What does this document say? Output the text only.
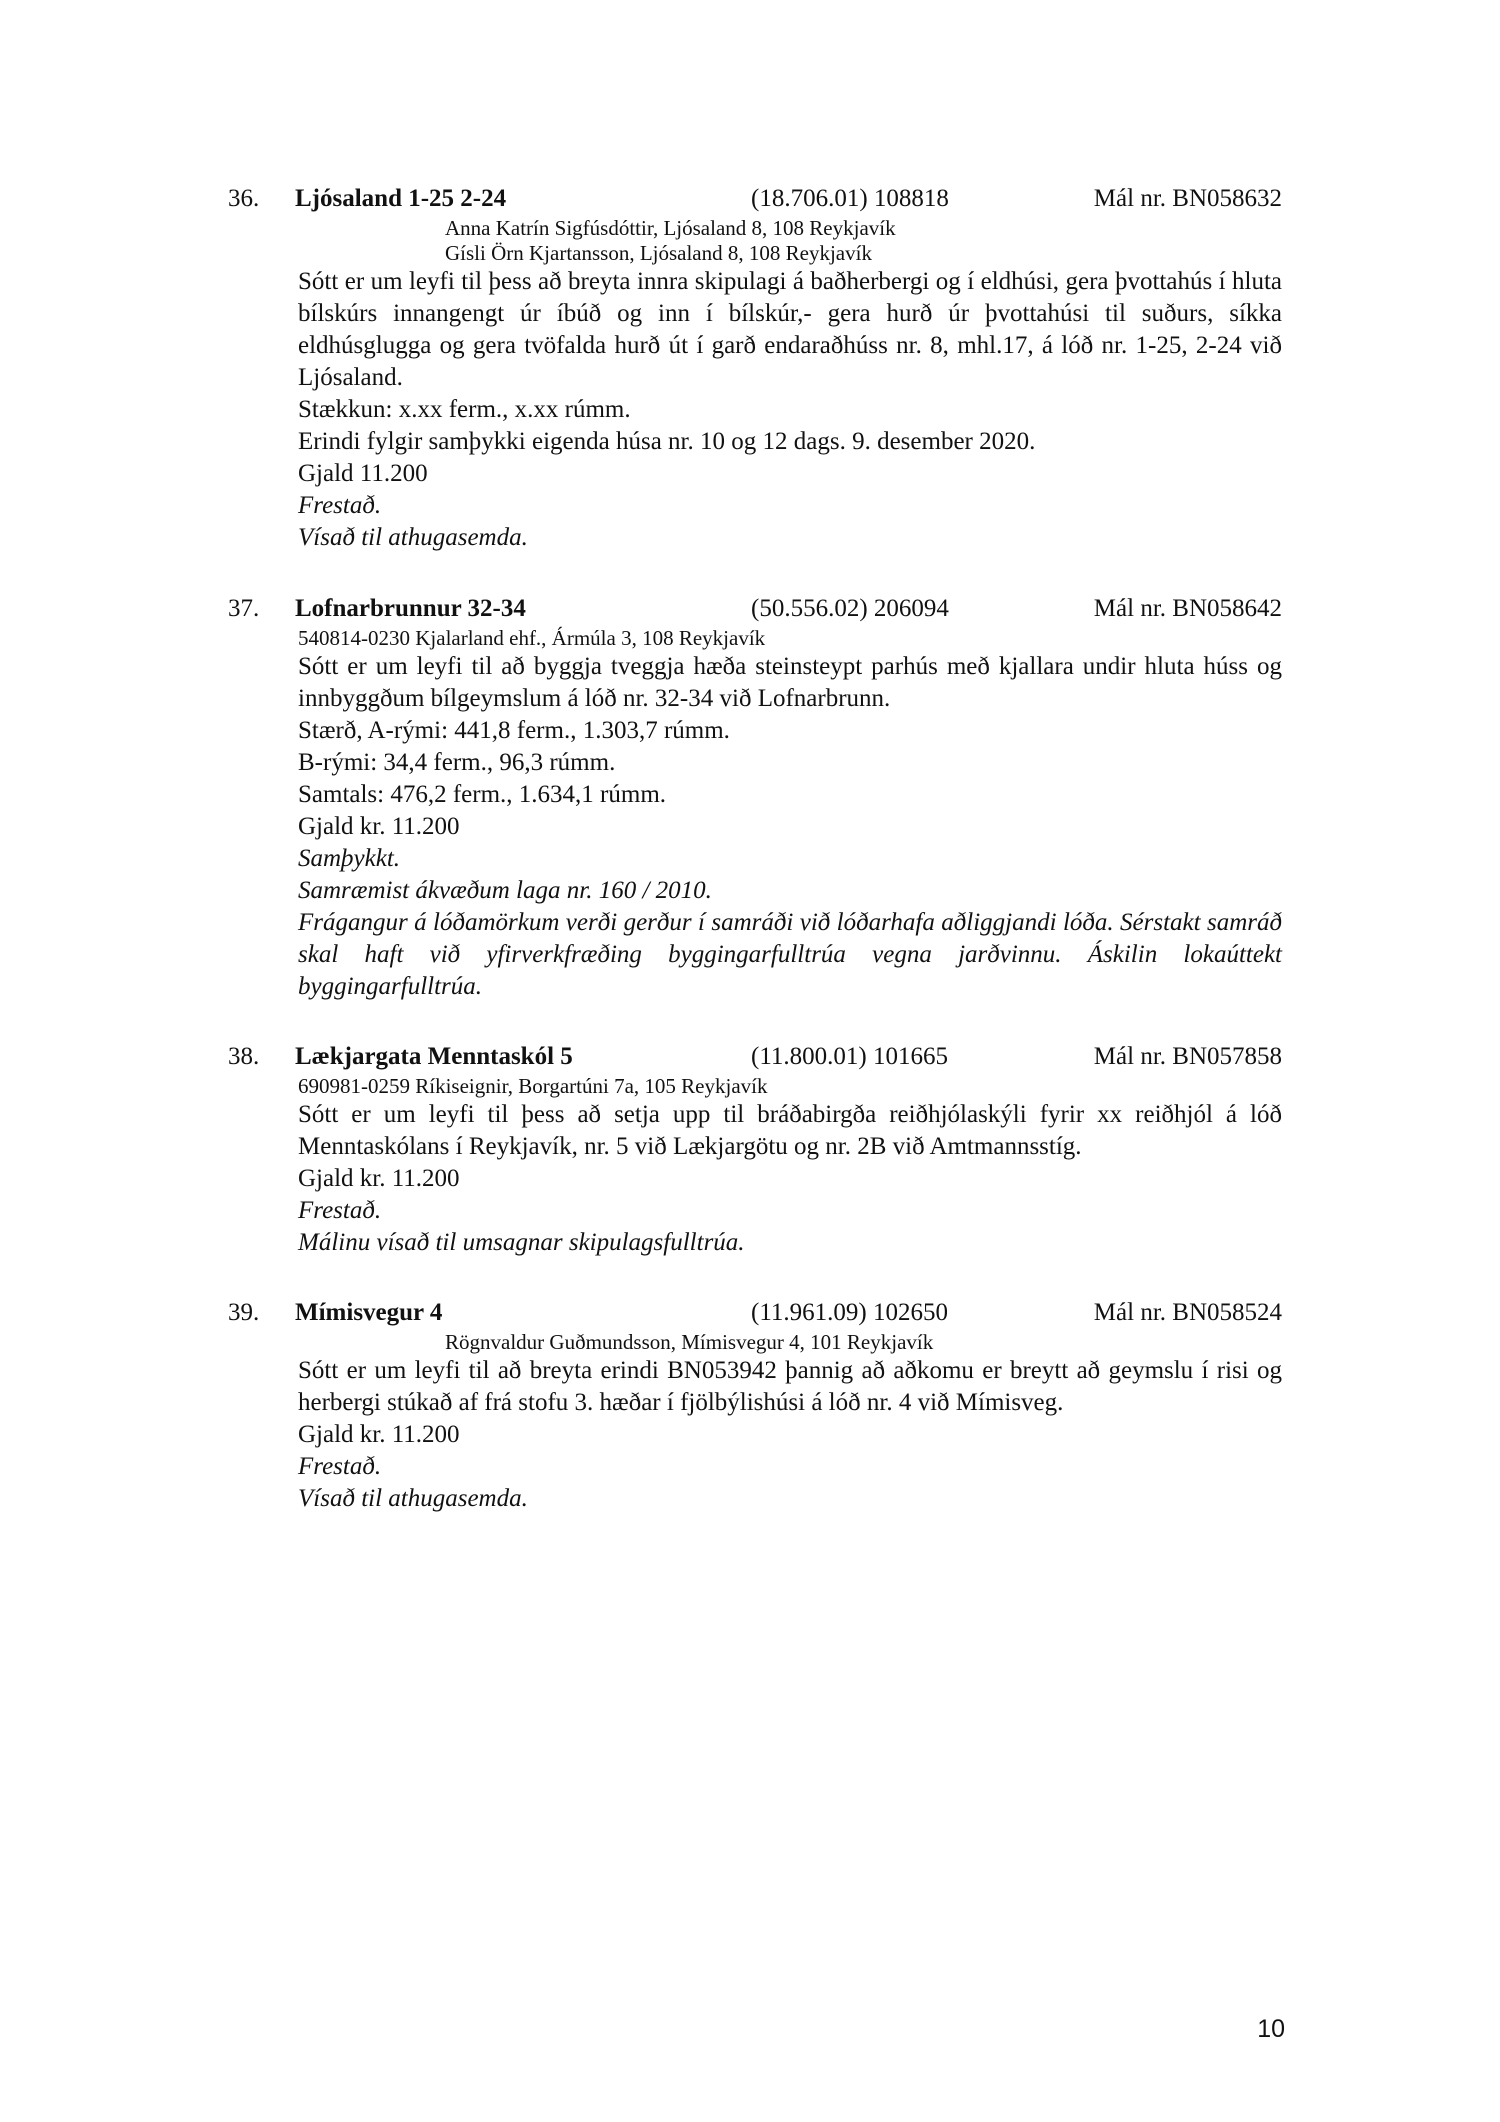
36. Ljósaland 1-25 2-24	(18.706.01) 108818	Mál nr. BN058632
Anna Katrín Sigfúsdóttir, Ljósaland 8, 108 Reykjavík
Gísli Örn Kjartansson, Ljósaland 8, 108 Reykjavík
Sótt er um leyfi til þess að breyta innra skipulagi á baðherbergi og í eldhúsi, gera þvottahús í hluta bílskúrs innangengt úr íbúð og inn í bílskúr,- gera hurð úr þvottahúsi til suðurs, síkka eldhúsglugga og gera tvöfalda hurð út í garð endaraðhúss nr. 8, mhl.17, á lóð nr. 1-25, 2-24 við Ljósaland.
Stækkun: x.xx ferm., x.xx rúmm.
Erindi fylgir samþykki eigenda húsa nr. 10 og 12 dags. 9. desember 2020.
Gjald 11.200
Frestað.
Vísað til athugasemda.
37. Lofnarbrunnur 32-34	(50.556.02) 206094	Mál nr. BN058642
540814-0230 Kjalarland ehf., Ármúla 3, 108 Reykjavík
Sótt er um leyfi til að byggja tveggja hæða steinsteypt parhús með kjallara undir hluta húss og innbyggðum bílgeymslum á lóð nr. 32-34 við Lofnarbrunn.
Stærð, A-rými: 441,8 ferm., 1.303,7 rúmm.
B-rými: 34,4 ferm., 96,3 rúmm.
Samtals: 476,2 ferm., 1.634,1 rúmm.
Gjald kr. 11.200
Samþykkt.
Samræmist ákvæðum laga nr. 160 / 2010.
Frágangur á lóðamörkum verði gerður í samráði við lóðarhafa aðliggjandi lóða. Sérstakt samráð skal haft við yfirverkfræðing byggingarfulltrúa vegna jarðvinnu. Áskilin lokaúttekt byggingarfulltrúa.
38. Lækjargata Menntaskól 5	(11.800.01) 101665	Mál nr. BN057858
690981-0259 Ríkiseignir, Borgartúni 7a, 105 Reykjavík
Sótt er um leyfi til þess að setja upp til bráðabirgða reiðhjólaskýli fyrir xx reiðhjól á lóð Menntaskólans í Reykjavík, nr. 5 við Lækjargötu og nr. 2B við Amtmannsstíg.
Gjald kr. 11.200
Frestað.
Málinu vísað til umsagnar skipulagsfulltrúa.
39. Mímisvegur 4	(11.961.09) 102650	Mál nr. BN058524
Rögnvaldur Guðmundsson, Mímisvegur 4, 101 Reykjavík
Sótt er um leyfi til að breyta erindi BN053942 þannig að aðkomu er breytt að geymslu í risi og herbergi stúkað af frá stofu 3. hæðar í fjölbýlishúsi á lóð nr. 4 við Mímisveg.
Gjald kr. 11.200
Frestað.
Vísað til athugasemda.
10
